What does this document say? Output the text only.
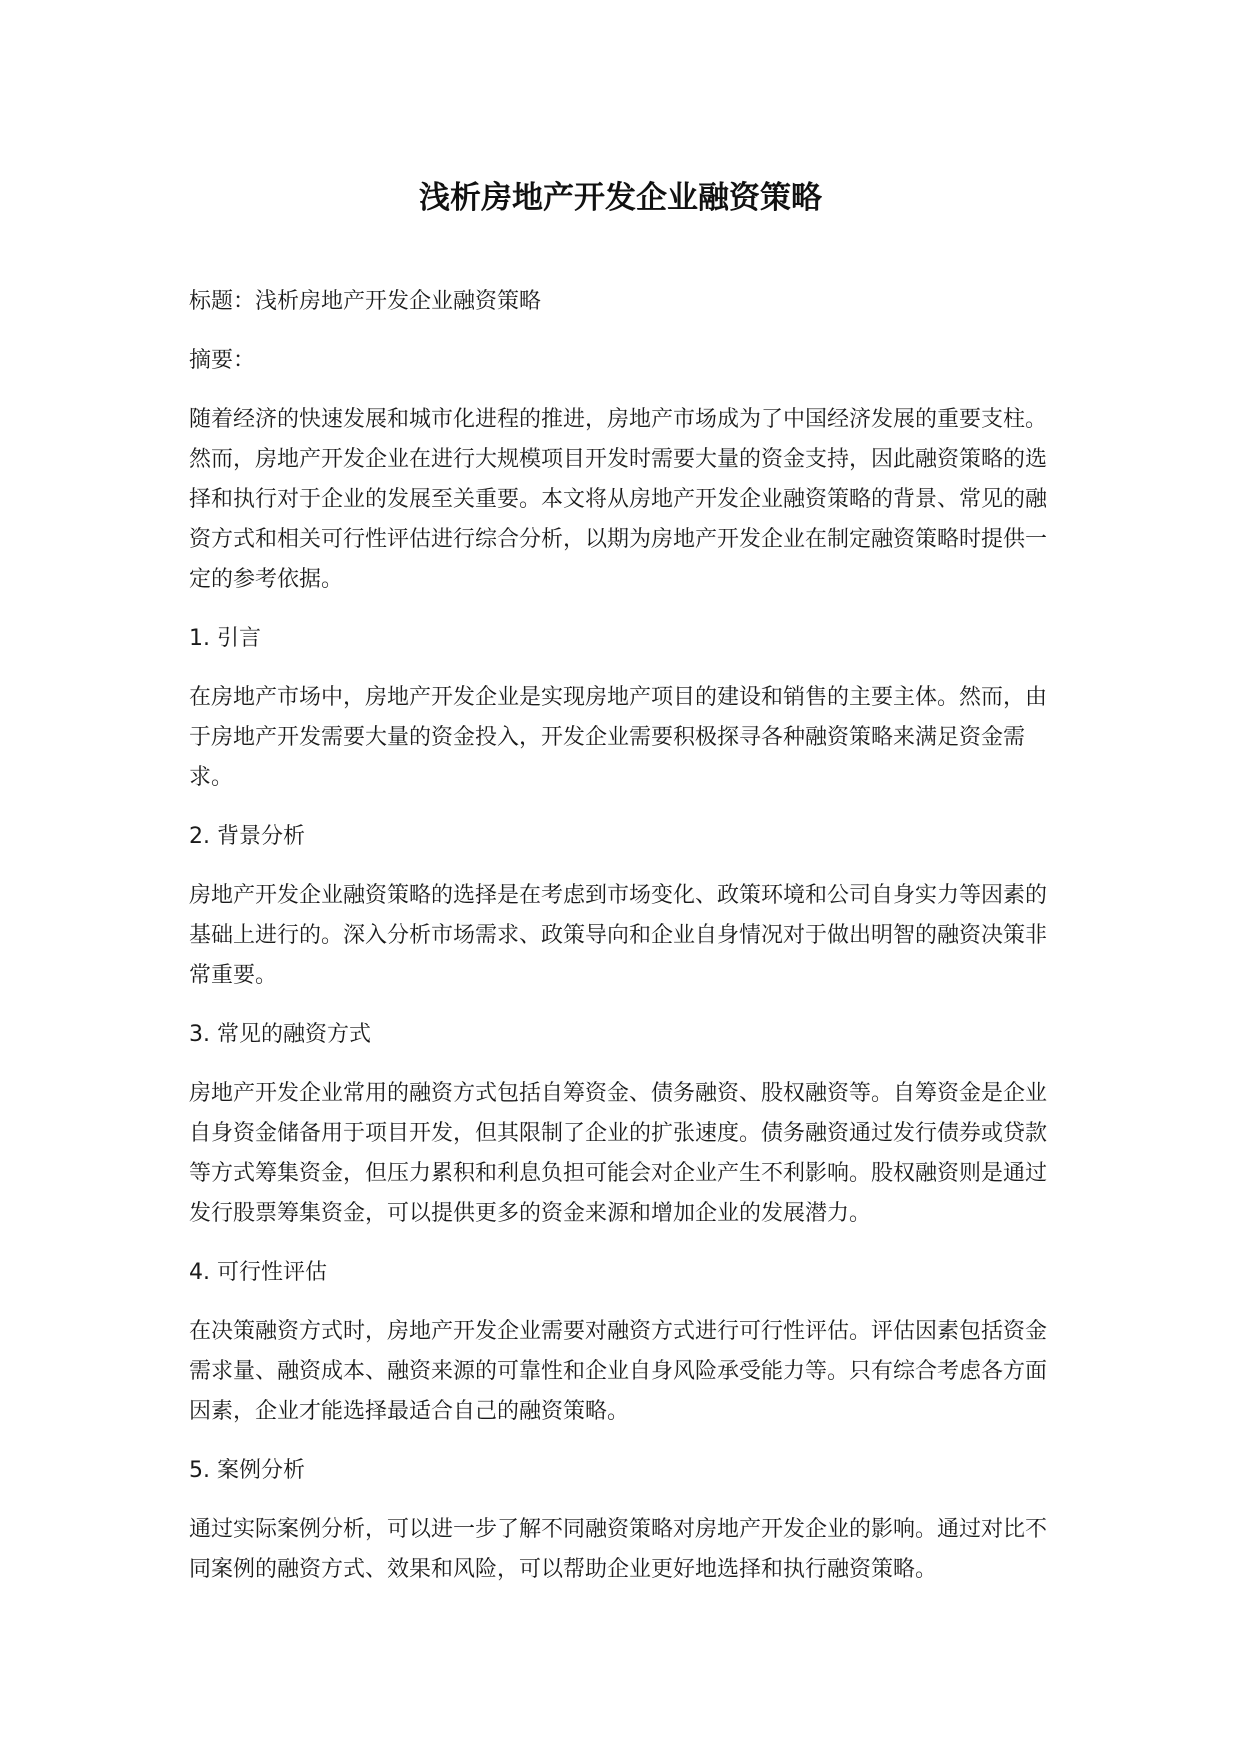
浅析房地产开发企业融资策略

标题：浅析房地产开发企业融资策略

摘要：

随着经济的快速发展和城市化进程的推进，房地产市场成为了中国经济发展的重要支柱。然而，房地产开发企业在进行大规模项目开发时需要大量的资金支持，因此融资策略的选择和执行对于企业的发展至关重要。本文将从房地产开发企业融资策略的背景、常见的融资方式和相关可行性评估进行综合分析，以期为房地产开发企业在制定融资策略时提供一定的参考依据。

1. 引言

在房地产市场中，房地产开发企业是实现房地产项目的建设和销售的主要主体。然而，由于房地产开发需要大量的资金投入，开发企业需要积极探寻各种融资策略来满足资金需求。

2. 背景分析

房地产开发企业融资策略的选择是在考虑到市场变化、政策环境和公司自身实力等因素的基础上进行的。深入分析市场需求、政策导向和企业自身情况对于做出明智的融资决策非常重要。

3. 常见的融资方式

房地产开发企业常用的融资方式包括自筹资金、债务融资、股权融资等。自筹资金是企业自身资金储备用于项目开发，但其限制了企业的扩张速度。债务融资通过发行债券或贷款等方式筹集资金，但压力累积和利息负担可能会对企业产生不利影响。股权融资则是通过发行股票筹集资金，可以提供更多的资金来源和增加企业的发展潜力。

4. 可行性评估

在决策融资方式时，房地产开发企业需要对融资方式进行可行性评估。评估因素包括资金需求量、融资成本、融资来源的可靠性和企业自身风险承受能力等。只有综合考虑各方面因素，企业才能选择最适合自己的融资策略。

5. 案例分析

通过实际案例分析，可以进一步了解不同融资策略对房地产开发企业的影响。通过对比不同案例的融资方式、效果和风险，可以帮助企业更好地选择和执行融资策略。
